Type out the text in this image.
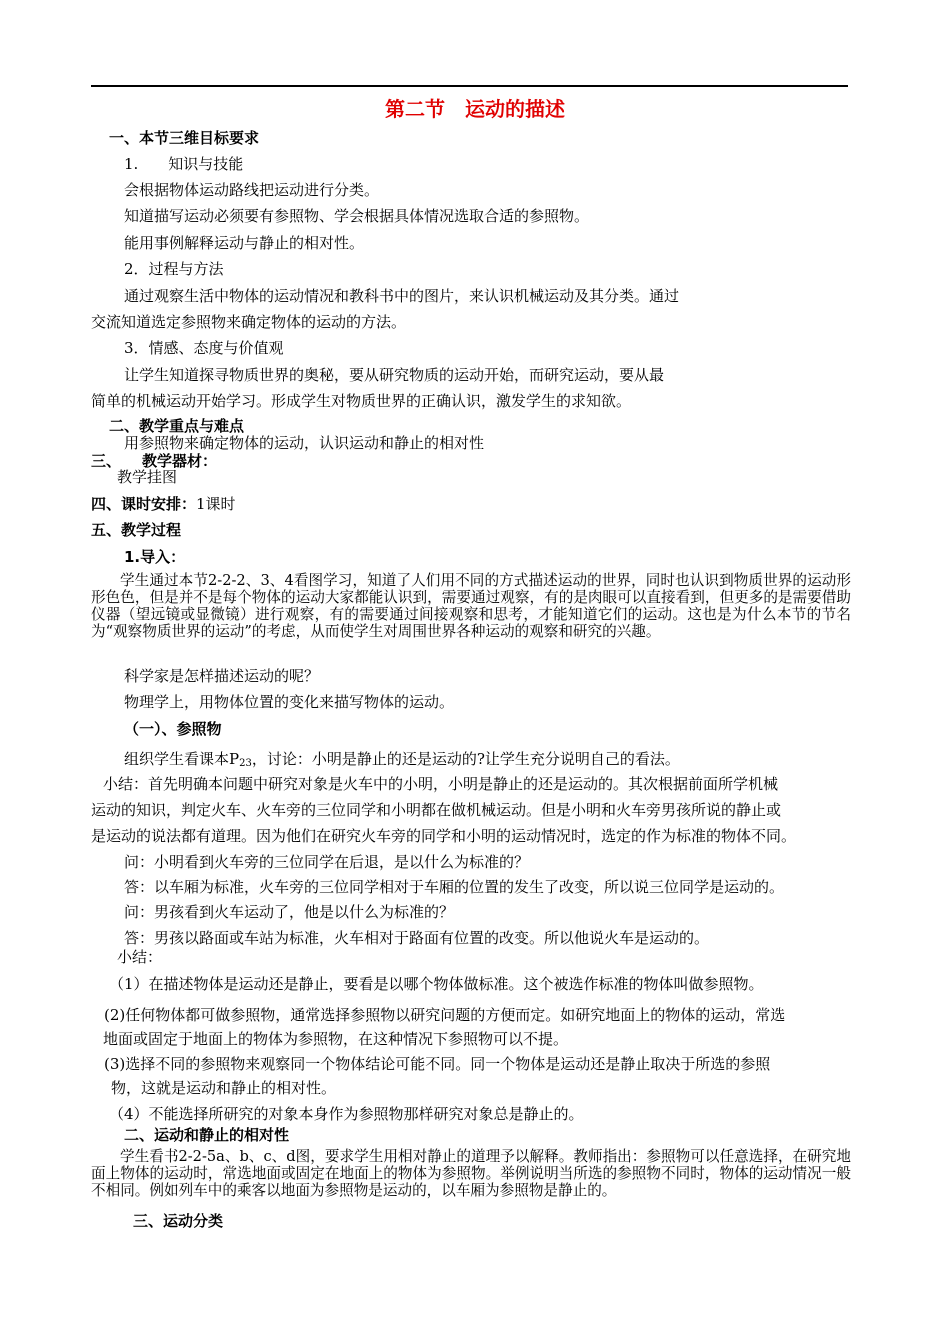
第二节　运动的描述
一、本节三维目标要求
1.　　知识与技能
会根据物体运动路线把运动进行分类。
知道描写运动必须要有参照物、学会根据具体情况选取合适的参照物。
能用事例解释运动与静止的相对性。
2．过程与方法
通过观察生活中物体的运动情况和教科书中的图片，来认识机械运动及其分类。通过
交流知道选定参照物来确定物体的运动的方法。
3．情感、态度与价值观
让学生知道探寻物质世界的奥秘，要从研究物质的运动开始，而研究运动，要从最
简单的机械运动开始学习。形成学生对物质世界的正确认识，激发学生的求知欲。
二、教学重点与难点
用参照物来确定物体的运动，认识运动和静止的相对性
三、 教学器材：
教学挂图
四、课时安排：1课时
五、教学过程
1.导入：
学生通过本节2-2-2、3、4看图学习，知道了人们用不同的方式描述运动的世界，同时也认识到物质世界的运动形形色色，但是并不是每个物体的运动大家都能认识到，需要通过观察，有的是肉眼可以直接看到，但更多的是需要借助仪器（望远镜或显微镜）进行观察，有的需要通过间接观察和思考，才能知道它们的运动。这也是为什么本节的节名为“观察物质世界的运动”的考虑，从而使学生对周围世界各种运动的观察和研究的兴趣。
科学家是怎样描述运动的呢？
物理学上，用物体位置的变化来描写物体的运动。
（一）、参照物
组织学生看课本$P_{23}$，讨论：小明是静止的还是运动的?让学生充分说明自己的看法。
小结：首先明确本问题中研究对象是火车中的小明，小明是静止的还是运动的。其次根据前面所学机械
运动的知识，判定火车、火车旁的三位同学和小明都在做机械运动。但是小明和火车旁男孩所说的静止或
是运动的说法都有道理。因为他们在研究火车旁的同学和小明的运动情况时，选定的作为标准的物体不同。
问：小明看到火车旁的三位同学在后退，是以什么为标准的？
答：以车厢为标准，火车旁的三位同学相对于车厢的位置的发生了改变，所以说三位同学是运动的。
问：男孩看到火车运动了，他是以什么为标准的？
答：男孩以路面或车站为标准，火车相对于路面有位置的改变。所以他说火车是运动的。
小结：
（1）在描述物体是运动还是静止，要看是以哪个物体做标准。这个被选作标准的物体叫做参照物。
(2)任何物体都可做参照物，通常选择参照物以研究问题的方便而定。如研究地面上的物体的运动，常选
地面或固定于地面上的物体为参照物，在这种情况下参照物可以不提。
(3)选择不同的参照物来观察同一个物体结论可能不同。同一个物体是运动还是静止取决于所选的参照
物，这就是运动和静止的相对性。
（4）不能选择所研究的对象本身作为参照物那样研究对象总是静止的。
二、运动和静止的相对性
学生看书2-2-5a、b、c、d图，要求学生用相对静止的道理予以解释。教师指出：参照物可以任意选择，在研究地面上物体的运动时，常选地面或固定在地面上的物体为参照物。举例说明当所选的参照物不同时，物体的运动情况一般不相同。例如列车中的乘客以地面为参照物是运动的，以车厢为参照物是静止的。
三、运动分类
